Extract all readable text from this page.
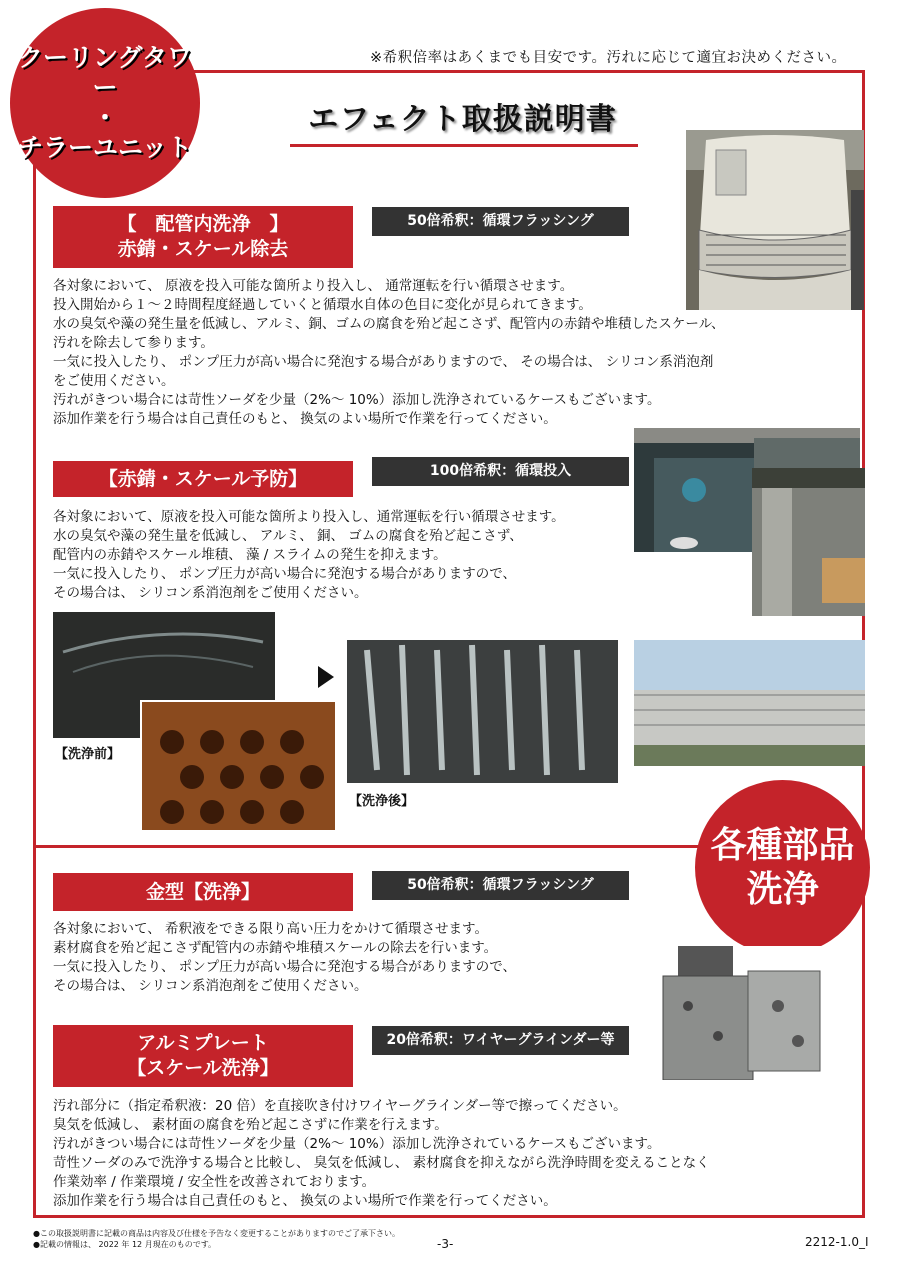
※希釈倍率はあくまでも目安です。汚れに応じて適宜お決めください。
クーリングタワー
・
チラーユニット
エフェクト取扱説明書
【　配管内洗浄　】
赤錆・スケール除去
50倍希釈：循環フラッシング
各対象において、 原液を投入可能な箇所より投入し、 通常運転を行い循環させます。
投入開始から１～２時間程度経過していくと循環水自体の色目に変化が見られてきます。
水の臭気や藻の発生量を低減し、アルミ、銅、ゴムの腐食を殆ど起こさず、配管内の赤錆や堆積したスケール、
汚れを除去して参ります。
一気に投入したり、 ポンプ圧力が高い場合に発泡する場合がありますので、 その場合は、 シリコン系消泡剤
をご使用ください。
汚れがきつい場合には苛性ソーダを少量（2%～ 10%）添加し洗浄されているケースもございます。
添加作業を行う場合は自己責任のもと、 換気のよい場所で作業を行ってください。
【赤錆・スケール予防】	100倍希釈：循環投入
各対象において、原液を投入可能な箇所より投入し、通常運転を行い循環させます。
水の臭気や藻の発生量を低減し、 アルミ、 銅、 ゴムの腐食を殆ど起こさず、
配管内の赤錆やスケール堆積、 藻 / スライムの発生を抑えます。
一気に投入したり、 ポンプ圧力が高い場合に発泡する場合がありますので、
その場合は、 シリコン系消泡剤をご使用ください。
【洗浄前】
【洗浄後】
各種部品
洗浄
金型【洗浄】	50倍希釈：循環フラッシング
各対象において、 希釈液をできる限り高い圧力をかけて循環させます。
素材腐食を殆ど起こさず配管内の赤錆や堆積スケールの除去を行います。
一気に投入したり、 ポンプ圧力が高い場合に発泡する場合がありますので、
その場合は、 シリコン系消泡剤をご使用ください。
アルミプレート
【スケール洗浄】
20倍希釈：ワイヤーグラインダー等
汚れ部分に（指定希釈液：20 倍）を直接吹き付けワイヤーグラインダー等で擦ってください。
臭気を低減し、 素材面の腐食を殆ど起こさずに作業を行えます。
汚れがきつい場合には苛性ソーダを少量（2%～ 10%）添加し洗浄されているケースもございます。
苛性ソーダのみで洗浄する場合と比較し、 臭気を低減し、 素材腐食を抑えながら洗浄時間を変えることなく
作業効率 / 作業環境 / 安全性を改善されております。
添加作業を行う場合は自己責任のもと、 換気のよい場所で作業を行ってください。
●この取扱説明書に記載の商品は内容及び仕様を予告なく変更することがありますのでご了承下さい。
●記載の情報は、 2022 年 12 月現在のものです。	-3-	2212-1.0_I
